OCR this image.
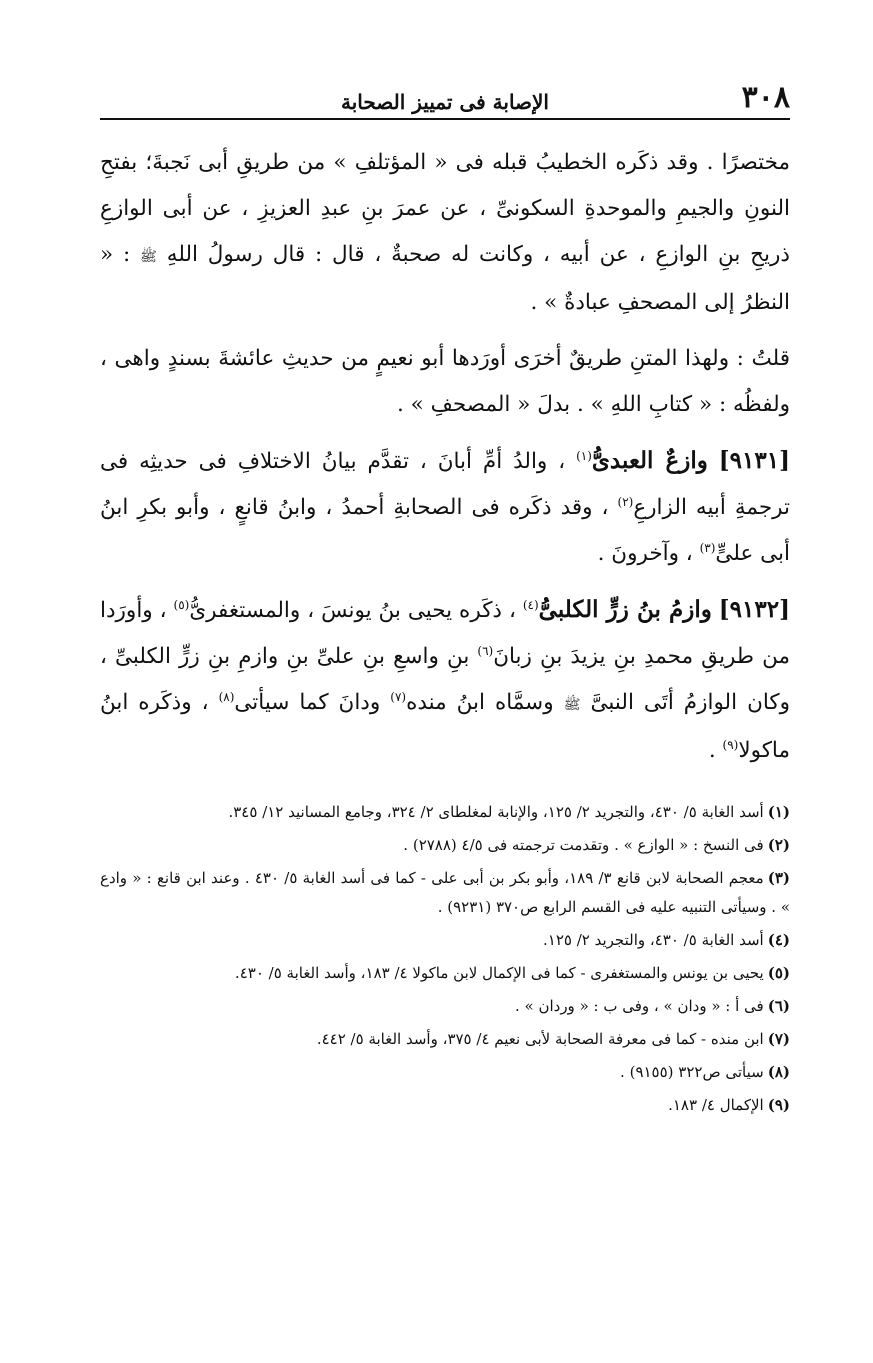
٣٠٨
الإصابة فى تمييز الصحابة

مختصرًا . وقد ذكَره الخطيبُ قبله فى « المؤتلفِ » من طريقِ أبى نَجبةَ؛ بفتحِ النونِ والجيمِ والموحدةِ السكونىِّ ، عن عمرَ بنِ عبدِ العزيزِ ، عن أبى الوازعِ ذريحِ بنِ الوازعِ ، عن أبيه ، وكانت له صحبةٌ ، قال : قال رسولُ اللهِ ﷺ : « النظرُ إلى المصحفِ عبادةٌ » .

قلتُ : ولهذا المتنِ طريقٌ أخرَى أورَدها أبو نعيمٍ من حديثِ عائشةَ بسندٍ واهى ، ولفظُه : « كتابِ اللهِ » . بدلَ « المصحفِ » .

[٩١٣١] وازعٌ العبدىُّ$^{(١)}$ ، والدُ أمِّ أبانَ ، تقدَّم بيانُ الاختلافِ فى حديثِه فى ترجمةِ أبيه الزارعِ$^{(٢)}$ ، وقد ذكَره فى الصحابةِ أحمدُ ، وابنُ قانعٍ ، وأبو بكرِ ابنُ أبى علىٍّ$^{(٣)}$ ، وآخرونَ .

[٩١٣٢] وازمُ بنُ زرٍّ الكلبىُّ$^{(٤)}$ ، ذكَره يحيى بنُ يونسَ ، والمستغفرىُّ$^{(٥)}$ ، وأورَدا من طريقِ محمدِ بنِ يزيدَ بنِ زبانَ$^{(٦)}$ بنِ واسعِ بنِ علىِّ بنِ وازمِ بنِ زرٍّ الكلبىِّ ، وكان الوازمُ أتَى النبىَّ ﷺ وسمَّاه ابنُ منده$^{(٧)}$ ودانَ كما سيأتى$^{(٨)}$ ، وذكَره ابنُ ماكولا$^{(٩)}$ .

(١)أسد الغابة ٥/ ٤٣٠، والتجريد ٢/ ١٢٥، والإنابة لمغلطاى ٢/ ٣٢٤، وجامع المسانيد ١٢/ ٣٤٥.

(٢)فى النسخ : « الوازع » . وتقدمت ترجمته فى ٤/٥ (٢٧٨٨) .

(٣)معجم الصحابة لابن قانع ٣/ ١٨٩، وأبو بكر بن أبى على - كما فى أسد الغابة ٥/ ٤٣٠ . وعند ابن قانع : « وادع » . وسيأتى التنبيه عليه فى القسم الرابع ص٣٧٠ (٩٢٣١) .

(٤)أسد الغابة ٥/ ٤٣٠، والتجريد ٢/ ١٢٥.

(٥)يحيى بن يونس والمستغفرى - كما فى الإكمال لابن ماكولا ٤/ ١٨٣، وأسد الغابة ٥/ ٤٣٠.

(٦)فى أ : « ودان » ، وفى ب : « وردان » .

(٧)ابن منده - كما فى معرفة الصحابة لأبى نعيم ٤/ ٣٧٥، وأسد الغابة ٥/ ٤٤٢.

(٨)سيأتى ص٣٢٢ (٩١٥٥) .

(٩)الإكمال ٤/ ١٨٣.
